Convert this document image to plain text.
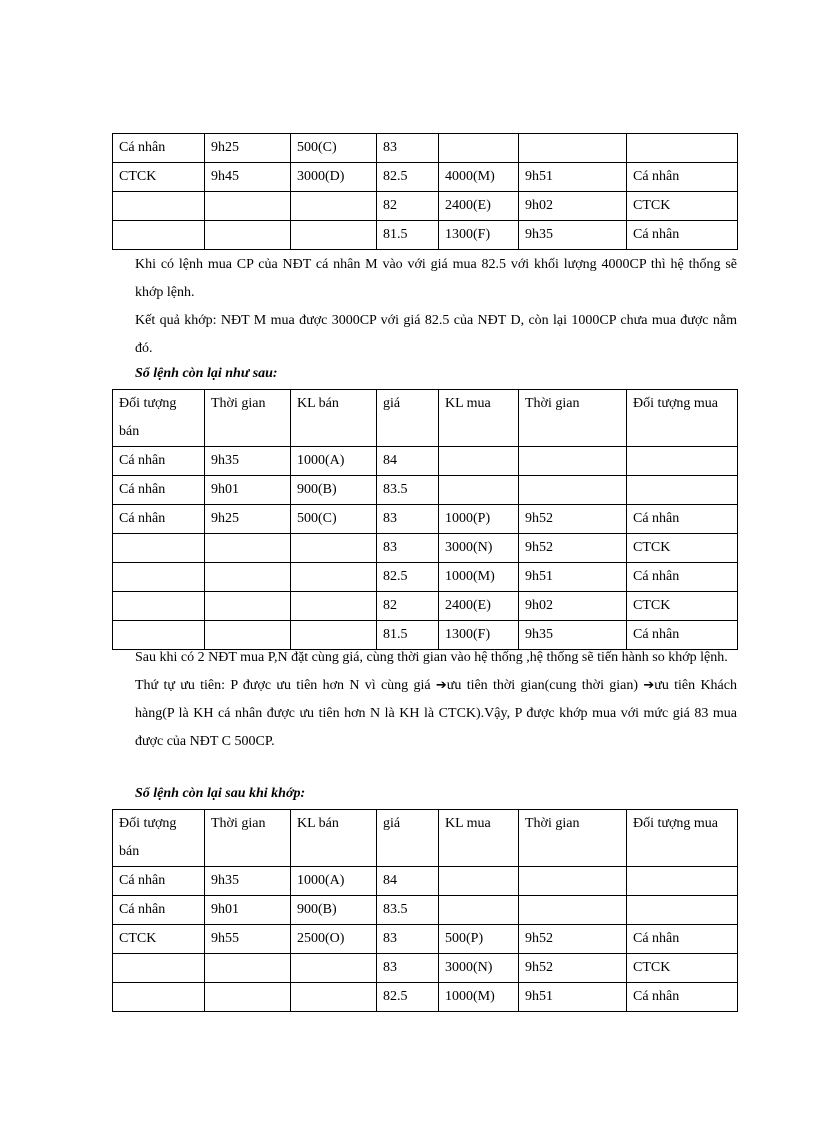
Cá nhân	9h25	500(C)	83			
CTCK	9h45	3000(D)	82.5	4000(M)	9h51	Cá nhân
			82	2400(E)	9h02	CTCK
			81.5	1300(F)	9h35	Cá nhân

Khi có lệnh mua CP của NĐT cá nhân M vào với giá mua 82.5 với khối lượng 4000CP thì hệ thống sẽ khớp lệnh.

Kết quả khớp: NĐT M mua được 3000CP với giá 82.5 của NĐT D, còn lại 1000CP chưa mua được nằm đó.

Sổ lệnh còn lại như sau:
Đối tượng bán	Thời gian	KL bán	giá	KL mua	Thời gian	Đối tượng mua
Cá nhân	9h35	1000(A)	84			
Cá nhân	9h01	900(B)	83.5			
Cá nhân	9h25	500(C)	83	1000(P)	9h52	Cá nhân
			83	3000(N)	9h52	CTCK
			82.5	1000(M)	9h51	Cá nhân
			82	2400(E)	9h02	CTCK
			81.5	1300(F)	9h35	Cá nhân

Sau khi có 2 NĐT mua P,N đặt cùng giá, cùng thời gian vào hệ thống ,hệ thống sẽ tiến hành so khớp lệnh.

Thứ tự ưu tiên: P được ưu tiên hơn N vì cùng giá ➔ưu tiên thời gian(cung thời gian) ➔ưu tiên Khách hàng(P là KH cá nhân được ưu tiên hơn N là KH là CTCK).Vậy, P được khớp mua với mức giá 83 mua được của NĐT C 500CP.

Sổ lệnh còn lại sau khi khớp:
Đối tượng bán	Thời gian	KL bán	giá	KL mua	Thời gian	Đối tượng mua
Cá nhân	9h35	1000(A)	84			
Cá nhân	9h01	900(B)	83.5			
CTCK	9h55	2500(O)	83	500(P)	9h52	Cá nhân
			83	3000(N)	9h52	CTCK
			82.5	1000(M)	9h51	Cá nhân
